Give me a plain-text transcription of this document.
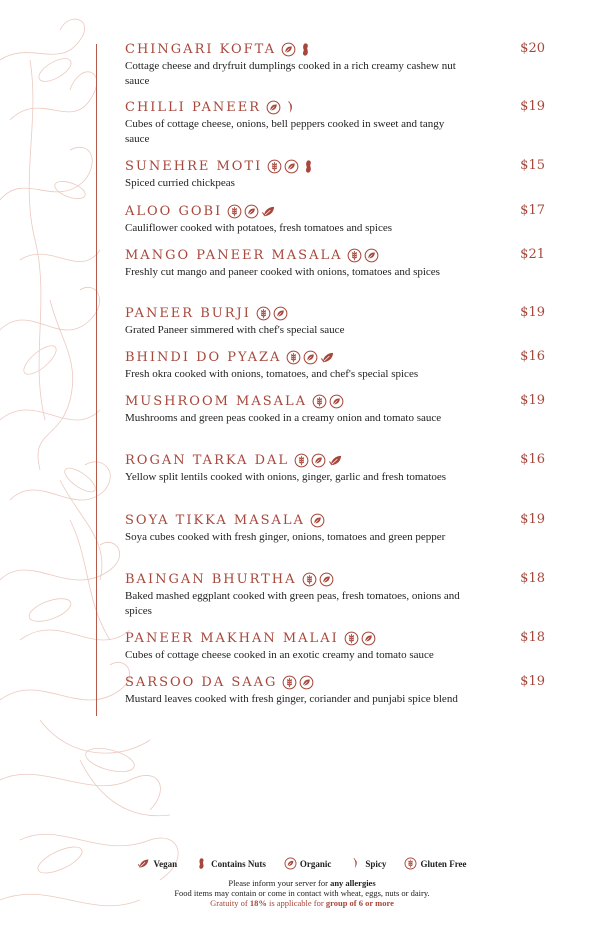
CHINGARI KOFTA	$20
Cottage cheese and dryfruit dumplings cooked in a rich creamy cashew nut sauce
CHILLI PANEER	$19
Cubes of cottage cheese, onions, bell peppers cooked in sweet and tangy sauce
SUNEHRE MOTI	$15
Spiced curried chickpeas
ALOO GOBI	$17
Cauliflower cooked with potatoes, fresh tomatoes and spices
MANGO PANEER MASALA	$21
Freshly cut mango and paneer cooked with onions, tomatoes and spices
PANEER BURJI	$19
Grated Paneer simmered with chef's special sauce
BHINDI DO PYAZA	$16
Fresh okra cooked with onions, tomatoes, and chef's special spices
MUSHROOM MASALA	$19
Mushrooms and green peas cooked in a creamy onion and tomato sauce
ROGAN TARKA DAL	$16
Yellow split lentils cooked with onions, ginger, garlic and fresh tomatoes
SOYA TIKKA MASALA	$19
Soya cubes cooked with fresh ginger, onions, tomatoes and green pepper
BAINGAN BHURTHA	$18
Baked mashed eggplant cooked with green peas, fresh tomatoes, onions and spices
PANEER MAKHAN MALAI	$18
Cubes of cottage cheese cooked in an exotic creamy and tomato sauce
SARSOO DA SAAG	$19
Mustard leaves cooked with fresh ginger, coriander and punjabi spice blend
Vegan	Contains Nuts	Organic	Spicy	Gluten Free
Please inform your server for any allergies
Food items may contain or come in contact with wheat, eggs, nuts or dairy.
Gratuity of 18% is applicable for group of 6 or more
